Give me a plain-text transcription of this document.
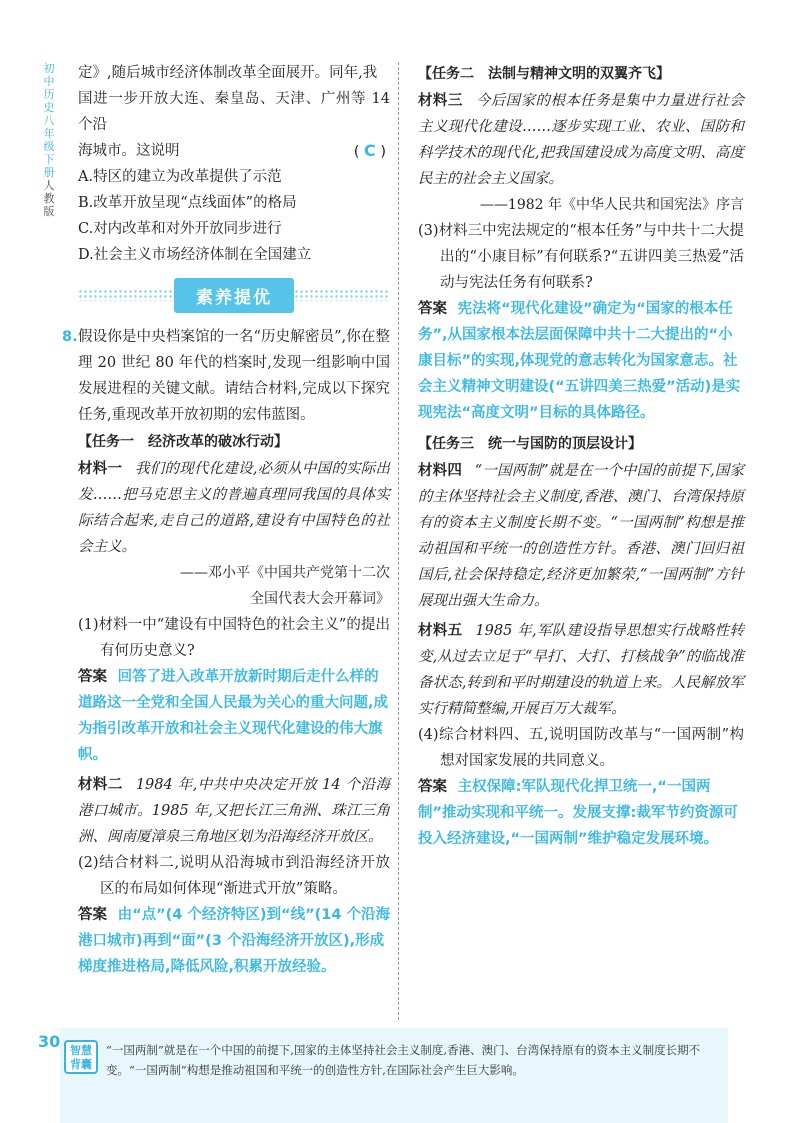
初
中
历
史
八
年
级
下
册
人
教
版

定》,随后城市经济体制改革全面展开。同年,我

国进一步开放大连、秦皇岛、天津、广州等 14 个沿

海城市。这说明	( C )

A.特区的建立为改革提供了示范

B.改革开放呈现“点线面体”的格局

C.对内改革和对外开放同步进行

D.社会主义市场经济体制在全国建立

素养提优

8. 假设你是中央档案馆的一名“历史解密员”,你在整理 20 世纪 80 年代的档案时,发现一组影响中国发展进程的关键文献。请结合材料,完成以下探究任务,重现改革开放初期的宏伟蓝图。

【任务一　经济改革的破冰行动】

材料一 我们的现代化建设,必须从中国的实际出发……把马克思主义的普遍真理同我国的具体实际结合起来,走自己的道路,建设有中国特色的社会主义。

——邓小平《中国共产党第十二次

全国代表大会开幕词》

(1)材料一中“建设有中国特色的社会主义”的提出有何历史意义?

答案 回答了进入改革开放新时期后走什么样的道路这一全党和全国人民最为关心的重大问题,成为指引改革开放和社会主义现代化建设的伟大旗帜。

材料二 1984 年,中共中央决定开放 14 个沿海港口城市。1985 年,又把长江三角洲、珠江三角洲、闽南厦漳泉三角地区划为沿海经济开放区。

(2)结合材料二,说明从沿海城市到沿海经济开放区的布局如何体现“渐进式开放”策略。

答案 由“点”(4 个经济特区)到“线”(14 个沿海港口城市)再到“面”(3 个沿海经济开放区),形成梯度推进格局,降低风险,积累开放经验。

【任务二　法制与精神文明的双翼齐飞】

材料三 今后国家的根本任务是集中力量进行社会主义现代化建设……逐步实现工业、农业、国防和科学技术的现代化,把我国建设成为高度文明、高度民主的社会主义国家。

——1982 年《中华人民共和国宪法》序言

(3)材料三中宪法规定的“根本任务”与中共十二大提出的“小康目标”有何联系?“五讲四美三热爱”活动与宪法任务有何联系?

答案 宪法将“现代化建设”确定为“国家的根本任务”,从国家根本法层面保障中共十二大提出的“小康目标”的实现,体现党的意志转化为国家意志。社会主义精神文明建设(“五讲四美三热爱”活动)是实现宪法“高度文明”目标的具体路径。

【任务三　统一与国防的顶层设计】

材料四 “一国两制”就是在一个中国的前提下,国家的主体坚持社会主义制度,香港、澳门、台湾保持原有的资本主义制度长期不变。“一国两制”构想是推动祖国和平统一的创造性方针。香港、澳门回归祖国后,社会保持稳定,经济更加繁荣,“一国两制”方针展现出强大生命力。

材料五 1985 年,军队建设指导思想实行战略性转变,从过去立足于“早打、大打、打核战争”的临战准备状态,转到和平时期建设的轨道上来。人民解放军实行精简整编,开展百万大裁军。

(4)综合材料四、五,说明国防改革与“一国两制”构想对国家发展的共同意义。

答案 主权保障:军队现代化捍卫统一,“一国两制”推动实现和平统一。发展支撑:裁军节约资源可投入经济建设,“一国两制”维护稳定发展环境。

30 智慧背囊

“一国两制”就是在一个中国的前提下,国家的主体坚持社会主义制度,香港、澳门、台湾保持原有的资本主义制度长期不变。“一国两制”构想是推动祖国和平统一的创造性方针,在国际社会产生巨大影响。
